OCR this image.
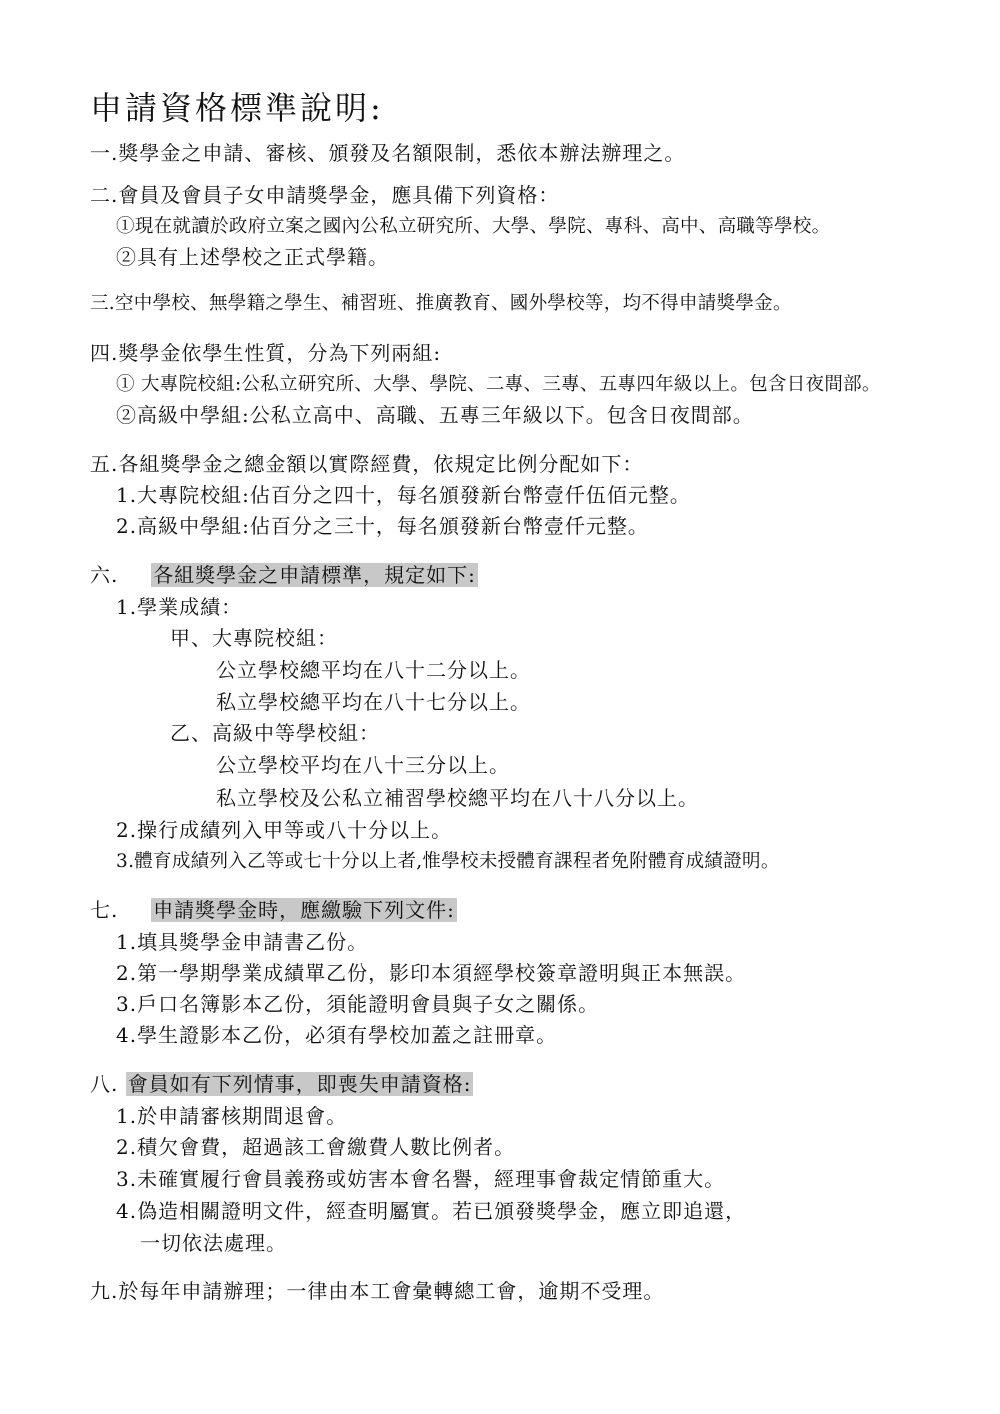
申請資格標準說明:
一.獎學金之申請、審核、頒發及名額限制，悉依本辦法辦理之。
二.會員及會員子女申請獎學金，應具備下列資格：
①現在就讀於政府立案之國內公私立研究所、大學、學院、專科、高中、高職等學校。
②具有上述學校之正式學籍。
三.空中學校、無學籍之學生、補習班、推廣教育、國外學校等，均不得申請獎學金。
四.獎學金依學生性質，分為下列兩組:
① 大專院校組:公私立研究所、大學、學院、二專、三專、五專四年級以上。包含日夜間部。
②高級中學組:公私立高中、高職、五專三年級以下。包含日夜間部。
五.各組獎學金之總金額以實際經費，依規定比例分配如下：
1.大專院校組:佔百分之四十，每名頒發新台幣壹仟伍佰元整。
2.高級中學組:佔百分之三十，每名頒發新台幣壹仟元整。
六. 各組獎學金之申請標準，規定如下:
1.學業成績：
甲、大專院校組：
公立學校總平均在八十二分以上。
私立學校總平均在八十七分以上。
乙、高級中等學校組：
公立學校平均在八十三分以上。
私立學校及公私立補習學校總平均在八十八分以上。
2.操行成績列入甲等或八十分以上。
3.體育成績列入乙等或七十分以上者,惟學校未授體育課程者免附體育成績證明。
七. 申請獎學金時，應繳驗下列文件:
1.填具獎學金申請書乙份。
2.第一學期學業成績單乙份，影印本須經學校簽章證明與正本無誤。
3.戶口名簿影本乙份，須能證明會員與子女之關係。
4.學生證影本乙份，必須有學校加蓋之註冊章。
八. 會員如有下列情事，即喪失申請資格:
1.於申請審核期間退會。
2.積欠會費，超過該工會繳費人數比例者。
3.未確實履行會員義務或妨害本會名譽，經理事會裁定情節重大。
4.偽造相關證明文件，經查明屬實。若已頒發獎學金，應立即追還，
一切依法處理。
九.於每年申請辦理；一律由本工會彙轉總工會，逾期不受理。
